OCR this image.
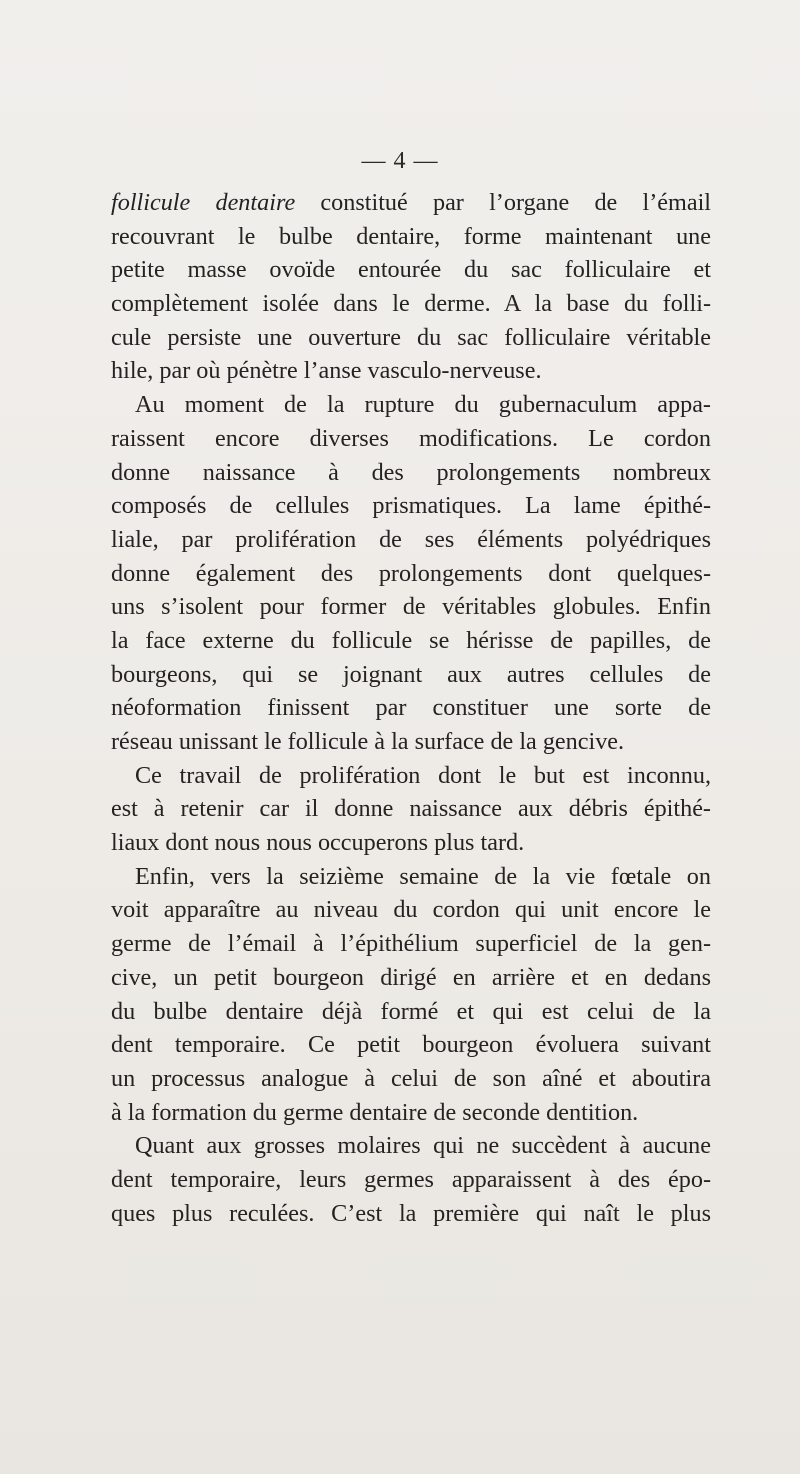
— 4 —
follicule dentaire constitué par l’organe de l’émail
recouvrant le bulbe dentaire, forme maintenant une
petite masse ovoïde entourée du sac folliculaire et
complètement isolée dans le derme. A la base du folli-
cule persiste une ouverture du sac folliculaire véritable
hile, par où pénètre l’anse vasculo-nerveuse.
Au moment de la rupture du gubernaculum appa-
raissent encore diverses modifications. Le cordon
donne naissance à des prolongements nombreux
composés de cellules prismatiques. La lame épithé-
liale, par prolifération de ses éléments polyédriques
donne également des prolongements dont quelques-
uns s’isolent pour former de véritables globules. Enfin
la face externe du follicule se hérisse de papilles, de
bourgeons, qui se joignant aux autres cellules de
néoformation finissent par constituer une sorte de
réseau unissant le follicule à la surface de la gencive.
Ce travail de prolifération dont le but est inconnu,
est à retenir car il donne naissance aux débris épithé-
liaux dont nous nous occuperons plus tard.
Enfin, vers la seizième semaine de la vie fœtale on
voit apparaître au niveau du cordon qui unit encore le
germe de l’émail à l’épithélium superficiel de la gen-
cive, un petit bourgeon dirigé en arrière et en dedans
du bulbe dentaire déjà formé et qui est celui de la
dent temporaire. Ce petit bourgeon évoluera suivant
un processus analogue à celui de son aîné et aboutira
à la formation du germe dentaire de seconde dentition.
Quant aux grosses molaires qui ne succèdent à aucune
dent temporaire, leurs germes apparaissent à des épo-
ques plus reculées. C’est la première qui naît le plus
